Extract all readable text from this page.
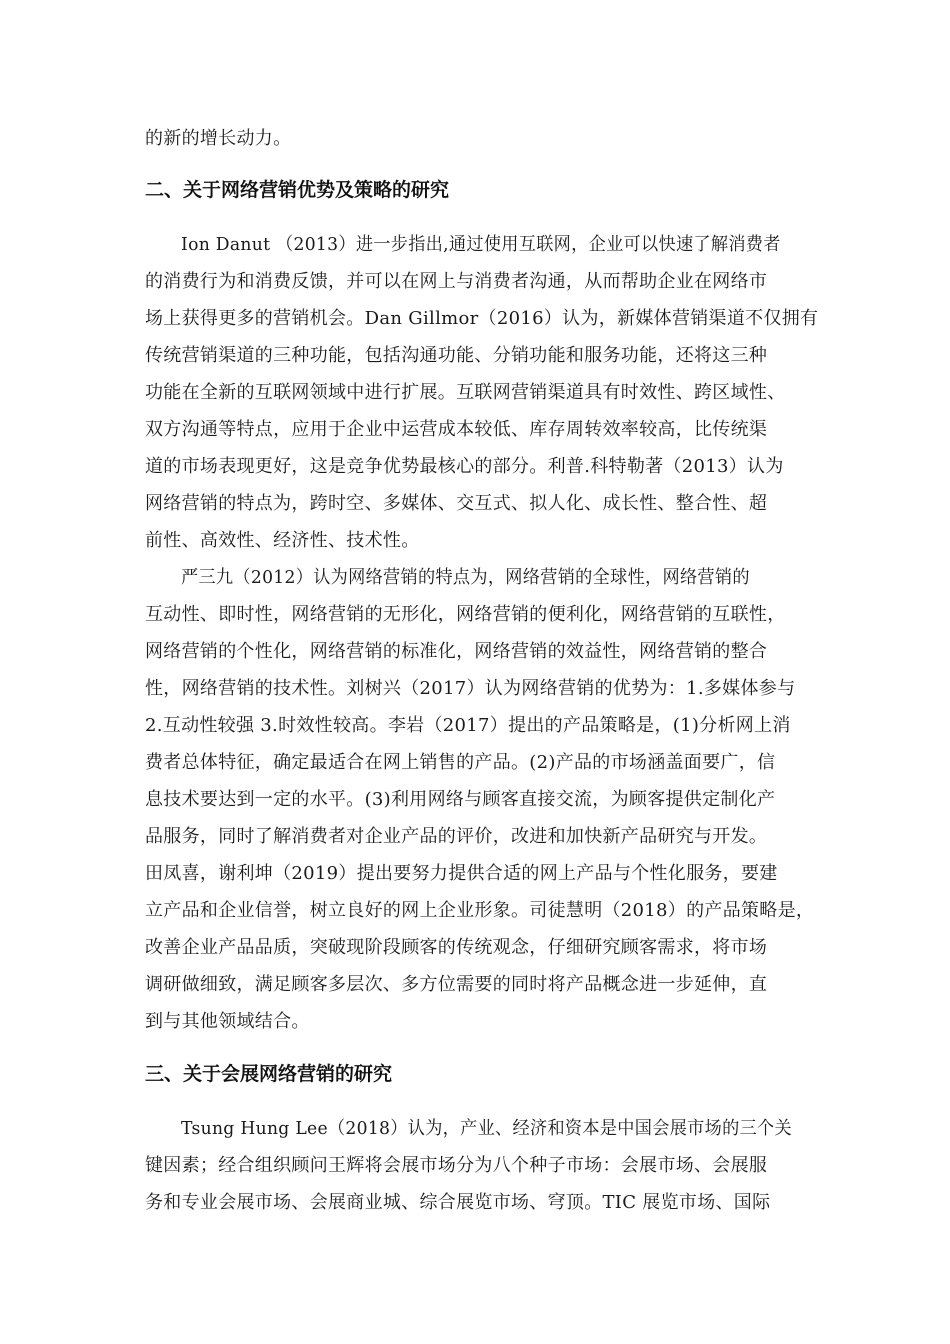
的新的增长动力。
二、关于网络营销优势及策略的研究
Ion Danut （2013）进一步指出,通过使用互联网，企业可以快速了解消费者
的消费行为和消费反馈，并可以在网上与消费者沟通，从而帮助企业在网络市
场上获得更多的营销机会。Dan Gillmor（2016）认为，新媒体营销渠道不仅拥有
传统营销渠道的三种功能，包括沟通功能、分销功能和服务功能，还将这三种
功能在全新的互联网领域中进行扩展。互联网营销渠道具有时效性、跨区域性、
双方沟通等特点，应用于企业中运营成本较低、库存周转效率较高，比传统渠
道的市场表现更好，这是竞争优势最核心的部分。利普.科特勒著（2013）认为
网络营销的特点为，跨时空、多媒体、交互式、拟人化、成长性、整合性、超
前性、高效性、经济性、技术性。
严三九（2012）认为网络营销的特点为，网络营销的全球性，网络营销的
互动性、即时性，网络营销的无形化，网络营销的便利化，网络营销的互联性，
网络营销的个性化，网络营销的标准化，网络营销的效益性，网络营销的整合
性，网络营销的技术性。刘树兴（2017）认为网络营销的优势为：1.多媒体参与
2.互动性较强 3.时效性较高。李岩（2017）提出的产品策略是，(1)分析网上消
费者总体特征，确定最适合在网上销售的产品。(2)产品的市场涵盖面要广，信
息技术要达到一定的水平。(3)利用网络与顾客直接交流，为顾客提供定制化产
品服务，同时了解消费者对企业产品的评价，改进和加快新产品研究与开发。
田凤喜，谢利坤（2019）提出要努力提供合适的网上产品与个性化服务，要建
立产品和企业信誉，树立良好的网上企业形象。司徒慧明（2018）的产品策略是，
改善企业产品品质，突破现阶段顾客的传统观念，仔细研究顾客需求，将市场
调研做细致，满足顾客多层次、多方位需要的同时将产品概念进一步延伸，直
到与其他领域结合。
三、关于会展网络营销的研究
Tsung Hung Lee（2018）认为，产业、经济和资本是中国会展市场的三个关
键因素；经合组织顾问王辉将会展市场分为八个种子市场：会展市场、会展服
务和专业会展市场、会展商业城、综合展览市场、穹顶。TIC 展览市场、国际
